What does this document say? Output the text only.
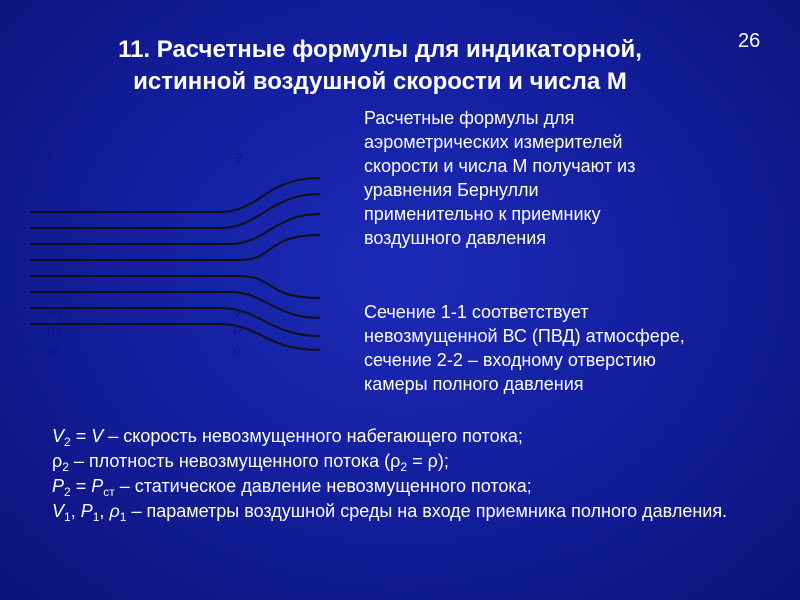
26
11. Расчетные формулы для индикаторной,
истинной воздушной скорости и числа М
1	2
V1
P1
ρ1
V
P
ρ
Расчетные формулы для
аэрометрических измерителей
скорости и числа М получают из
уравнения Бернулли
применительно к приемнику
воздушного давления
Сечение 1-1 соответствует
невозмущенной ВС (ПВД) атмосфере,
сечение 2-2 – входному отверстию
камеры полного давления
$V_2 = V$ – скорость невозмущенного набегающего потока;
$\rho_2$ – плотность невозмущенного потока $(\rho_2 = \rho)$;
$P_2 = P_{ст}$ – статическое давление невозмущенного потока;
$V_1$, $P_1$, $\rho_1$ – параметры воздушной среды на входе приемника полного давления.
